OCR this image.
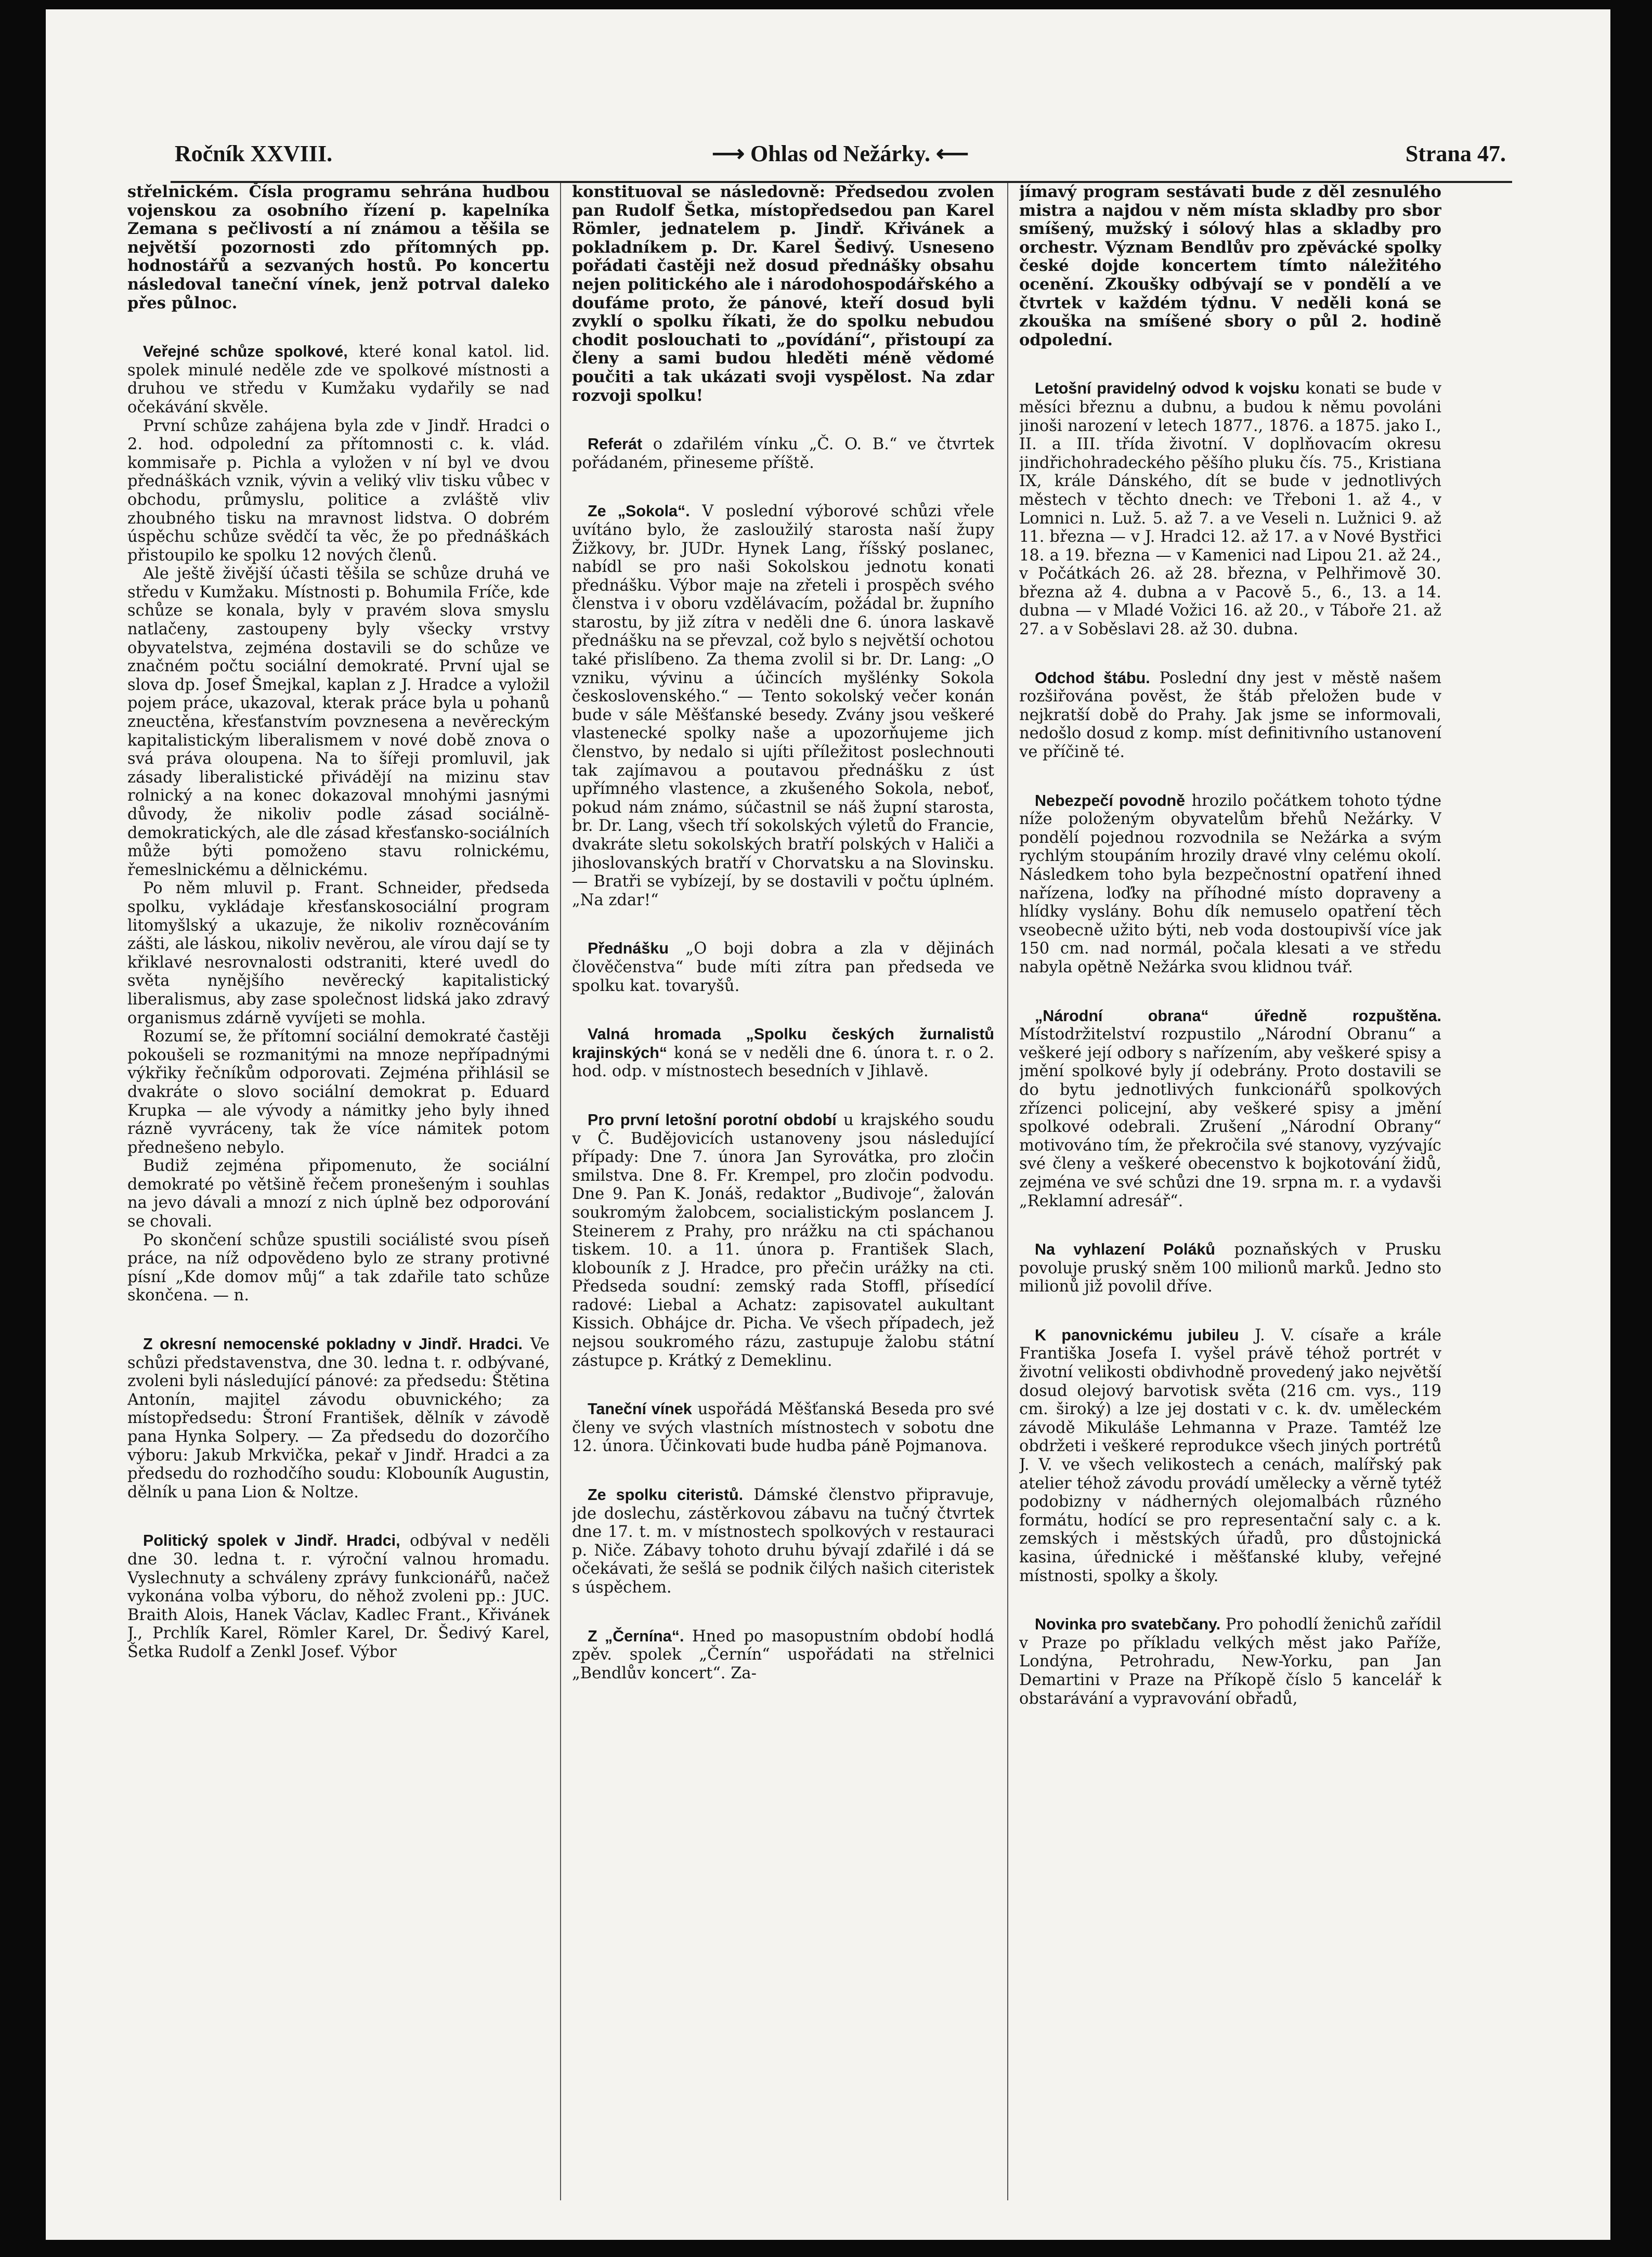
Ročník XXVIII.	⟶ Ohlas od Nežárky. ⟵	Strana 47.

střelnickém. Čísla programu sehrána hudbou vojenskou za osobního řízení p. kapelníka Zemana s pečlivostí a ní známou a těšila se největší pozornosti zdo přítomných pp. hodnostářů a sezvaných hostů. Po koncertu následoval taneční vínek, jenž potrval daleko přes půlnoc.

Veřejné schůze spolkové, které konal katol. lid. spolek minulé neděle zde ve spolkové místnosti a druhou ve středu v Kumžaku vydařily se nad očekávání skvěle.

První schůze zahájena byla zde v Jindř. Hradci o 2. hod. odpolední za přítomnosti c. k. vlád. kommisaře p. Pichla a vyložen v ní byl ve dvou přednáškách vznik, vývin a veliký vliv tisku vůbec v obchodu, průmyslu, politice a zvláště vliv zhoubného tisku na mravnost lidstva. O dobrém úspěchu schůze svědčí ta věc, že po přednáškách přistoupilo ke spolku 12 nových členů.

Ale ještě živější účasti těšila se schůze druhá ve středu v Kumžaku. Místnosti p. Bohumila Fríče, kde schůze se konala, byly v pravém slova smyslu natlačeny, zastoupeny byly všecky vrstvy obyvatelstva, zejména dostavili se do schůze ve značném počtu sociální demokraté. První ujal se slova dp. Josef Šmejkal, kaplan z J. Hradce a vyložil pojem práce, ukazoval, kterak práce byla u pohanů zneuctěna, křesťanstvím povznesena a nevěreckým kapitalistickým liberalismem v nové době znova o svá práva oloupena. Na to šířeji promluvil, jak zásady liberalistické přivádějí na mizinu stav rolnický a na konec dokazoval mnohými jasnými důvody, že nikoliv podle zásad sociálně-demokratických, ale dle zásad křesťansko-sociálních může býti pomoženo stavu rolnickému, řemeslnickému a dělnickému.

Po něm mluvil p. Frant. Schneider, předseda spolku, vykládaje křesťanskosociální program litomyšlský a ukazuje, že nikoliv rozněcováním zášti, ale láskou, nikoliv nevěrou, ale vírou dají se ty křiklavé nesrovnalosti odstraniti, které uvedl do světa nynějšího nevěrecký kapitalistický liberalismus, aby zase společnost lidská jako zdravý organismus zdárně vyvíjeti se mohla.

Rozumí se, že přítomní sociální demokraté častěji pokoušeli se rozmanitými na mnoze nepřípadnými výkřiky řečníkům odporovati. Zejména přihlásil se dvakráte o slovo sociální demokrat p. Eduard Krupka — ale vývody a námitky jeho byly ihned rázně vyvráceny, tak že více námitek potom přednešeno nebylo.

Budiž zejména připomenuto, že sociální demokraté po většině řečem pronešeným i souhlas na jevo dávali a mnozí z nich úplně bez odporování se chovali.

Po skončení schůze spustili sociálisté svou píseň práce, na níž odpovědeno bylo ze strany protivné písní „Kde domov můj“ a tak zdařile tato schůze skončena. — n.

Z okresní nemocenské pokladny v Jindř. Hradci. Ve schůzi představenstva, dne 30. ledna t. r. odbývané, zvoleni byli následující pánové: za předsedu: Štětina Antonín, majitel závodu obuvnického; za místopředsedu: Štroní František, dělník v závodě pana Hynka Solpery. — Za předsedu do dozorčího výboru: Jakub Mrkvička, pekař v Jindř. Hradci a za předsedu do rozhodčího soudu: Klobouník Augustin, dělník u pana Lion & Noltze.

Politický spolek v Jindř. Hradci, odbýval v neděli dne 30. ledna t. r. výroční valnou hromadu. Vyslechnuty a schváleny zprávy funkcionářů, načež vykonána volba výboru, do něhož zvoleni pp.: JUC. Braith Alois, Hanek Václav, Kadlec Frant., Křivánek J., Prchlík Karel, Römler Karel, Dr. Šedivý Karel, Šetka Rudolf a Zenkl Josef. Výbor

konstituoval se následovně: Předsedou zvolen pan Rudolf Šetka, místopředsedou pan Karel Römler, jednatelem p. Jindř. Křivánek a pokladníkem p. Dr. Karel Šedivý. Usneseno pořádati častěji než dosud přednášky obsahu nejen politického ale i národohospodářského a doufáme proto, že pánové, kteří dosud byli zvyklí o spolku říkati, že do spolku nebudou chodit poslouchati to „povídání“, přistoupí za členy a sami budou hleděti méně vědomé poučiti a tak ukázati svoji vyspělost. Na zdar rozvoji spolku!

Referát o zdařilém vínku „Č. O. B.“ ve čtvrtek pořádaném, přineseme příště.

Ze „Sokola“. V poslední výborové schůzi vřele uvítáno bylo, že zasloužilý starosta naší župy Žižkovy, br. JUDr. Hynek Lang, říšský poslanec, nabídl se pro naši Sokolskou jednotu konati přednášku. Výbor maje na zřeteli i prospěch svého členstva i v oboru vzdělávacím, požádal br. župního starostu, by již zítra v neděli dne 6. února laskavě přednášku na se převzal, což bylo s největší ochotou také přislíbeno. Za thema zvolil si br. Dr. Lang: „O vzniku, vývinu a účincích myšlénky Sokola československého.“ — Tento sokolský večer konán bude v sále Měšťanské besedy. Zvány jsou veškeré vlastenecké spolky naše a upozorňujeme jich členstvo, by nedalo si ujíti příležitost poslechnouti tak zajímavou a poutavou přednášku z úst upřímného vlastence, a zkušeného Sokola, neboť, pokud nám známo, súčastnil se náš župní starosta, br. Dr. Lang, všech tří sokolských výletů do Francie, dvakráte sletu sokolských bratří polských v Haliči a jihoslovanských bratří v Chorvatsku a na Slovinsku. — Bratři se vybízejí, by se dostavili v počtu úplném. „Na zdar!“

Přednášku „O boji dobra a zla v dějinách člověčenstva“ bude míti zítra pan předseda ve spolku kat. tovaryšů.

Valná hromada „Spolku českých žurnalistů krajinských“ koná se v neděli dne 6. února t. r. o 2. hod. odp. v místnostech besedních v Jihlavě.

Pro první letošní porotní období u krajského soudu v Č. Budějovicích ustanoveny jsou následující případy: Dne 7. února Jan Syrovátka, pro zločin smilstva. Dne 8. Fr. Krempel, pro zločin podvodu. Dne 9. Pan K. Jonáš, redaktor „Budivoje“, žalován soukromým žalobcem, socialistickým poslancem J. Steinerem z Prahy, pro nrážku na cti spáchanou tiskem. 10. a 11. února p. František Slach, klobouník z J. Hradce, pro přečin urážky na cti. Předseda soudní: zemský rada Stoffl, přísedící radové: Liebal a Achatz: zapisovatel aukultant Kissich. Obhájce dr. Picha. Ve všech případech, jež nejsou soukromého rázu, zastupuje žalobu státní zástupce p. Krátký z Demeklinu.

Taneční vínek uspořádá Měšťanská Beseda pro své členy ve svých vlastních místnostech v sobotu dne 12. února. Účinkovati bude hudba páně Pojmanova.

Ze spolku citeristů. Dámské členstvo připravuje, jde doslechu, zástěrkovou zábavu na tučný čtvrtek dne 17. t. m. v místnostech spolkových v restauraci p. Niče. Zábavy tohoto druhu bývají zdařilé i dá se očekávati, že sešlá se podnik čilých našich citeristek s úspěchem.

Z „Černína“. Hned po masopustním období hodlá zpěv. spolek „Černín“ uspořádati na střelnici „Bendlův koncert“. Za-

jímavý program sestávati bude z děl zesnulého mistra a najdou v něm místa skladby pro sbor smíšený, mužský i sólový hlas a skladby pro orchestr. Význam Bendlův pro zpěvácké spolky české dojde koncertem tímto náležitého ocenění. Zkoušky odbývají se v pondělí a ve čtvrtek v každém týdnu. V neděli koná se zkouška na smíšené sbory o půl 2. hodině odpolední.

Letošní pravidelný odvod k vojsku konati se bude v měsíci březnu a dubnu, a budou k němu povoláni jinoši narození v letech 1877., 1876. a 1875. jako I., II. a III. třída životní. V doplňovacím okresu jindřichohradeckého pěšího pluku čís. 75., Kristiana IX, krále Dánského, dít se bude v jednotlivých městech v těchto dnech: ve Třeboni 1. až 4., v Lomnici n. Luž. 5. až 7. a ve Veseli n. Lužnici 9. až 11. března — v J. Hradci 12. až 17. a v Nové Bystřici 18. a 19. března — v Kamenici nad Lipou 21. až 24., v Počátkách 26. až 28. března, v Pelhřimově 30. března až 4. dubna a v Pacově 5., 6., 13. a 14. dubna — v Mladé Vožici 16. až 20., v Táboře 21. až 27. a v Soběslavi 28. až 30. dubna.

Odchod štábu. Poslední dny jest v městě našem rozšiřována pověst, že štáb přeložen bude v nejkratší době do Prahy. Jak jsme se informovali, nedošlo dosud z komp. míst definitivního ustanovení ve příčině té.

Nebezpečí povodně hrozilo počátkem tohoto týdne níže položeným obyvatelům břehů Nežárky. V pondělí pojednou rozvodnila se Nežárka a svým rychlým stoupáním hrozily dravé vlny celému okolí. Následkem toho byla bezpečnostní opatření ihned nařízena, loďky na příhodné místo dopraveny a hlídky vyslány. Bohu dík nemuselo opatření těch vseobecně užito býti, neb voda dostoupivší více jak 150 cm. nad normál, počala klesati a ve středu nabyla opětně Nežárka svou klidnou tvář.

„Národní obrana“ úředně rozpuštěna. Místodržitelství rozpustilo „Národní Obranu“ a veškeré její odbory s nařízením, aby veškeré spisy a jmění spolkové byly jí odebrány. Proto dostavili se do bytu jednotlivých funkcionářů spolkových zřízenci policejní, aby veškeré spisy a jmění spolkové odebrali. Zrušení „Národní Obrany“ motivováno tím, že překročila své stanovy, vyzývajíc své členy a veškeré obecenstvo k bojkotování židů, zejména ve své schůzi dne 19. srpna m. r. a vydavši „Reklamní adresář“.

Na vyhlazení Poláků poznaňských v Prusku povoluje pruský sněm 100 milionů marků. Jedno sto milionů již povolil dříve.

K panovnickému jubileu J. V. císaře a krále Františka Josefa I. vyšel právě téhož portrét v životní velikosti obdivhodně provedený jako největší dosud olejový barvotisk světa (216 cm. vys., 119 cm. široký) a lze jej dostati v c. k. dv. uměleckém závodě Mikuláše Lehmanna v Praze. Tamtéž lze obdržeti i veškeré reprodukce všech jiných portrétů J. V. ve všech velikostech a cenách, malířský pak atelier téhož závodu provádí umělecky a věrně tytéž podobizny v nádherných olejomalbách různého formátu, hodící se pro representační saly c. a k. zemských i městských úřadů, pro důstojnická kasina, úřednické i měšťanské kluby, veřejné místnosti, spolky a školy.

Novinka pro svatebčany. Pro pohodlí ženichů zařídil v Praze po příkladu velkých měst jako Paříže, Londýna, Petrohradu, New-Yorku, pan Jan Demartini v Praze na Příkopě číslo 5 kancelář k obstarávání a vypravování obřadů,
